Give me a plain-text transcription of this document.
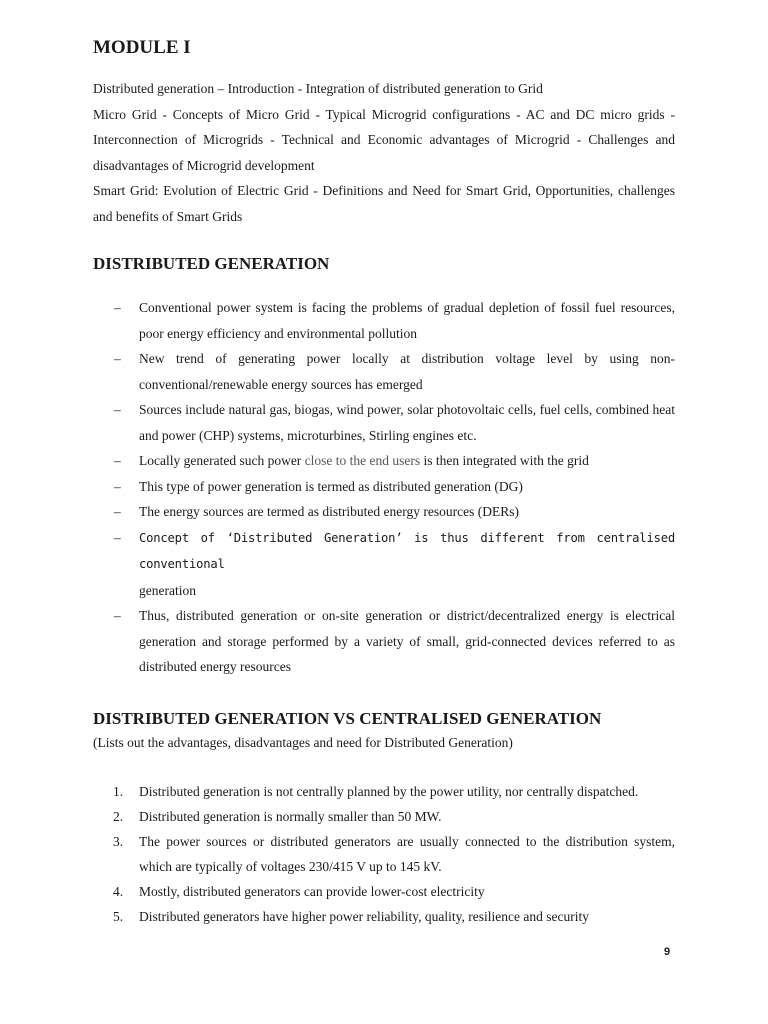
MODULE I

Distributed generation – Introduction - Integration of distributed generation to Grid

Micro Grid - Concepts of Micro Grid - Typical Microgrid configurations - AC and DC micro grids - Interconnection of Microgrids - Technical and Economic advantages of Microgrid - Challenges and disadvantages of Microgrid development

Smart Grid: Evolution of Electric Grid - Definitions and Need for Smart Grid, Opportunities, challenges and benefits of Smart Grids

DISTRIBUTED GENERATION
– Conventional power system is facing the problems of gradual depletion of fossil fuel resources, poor energy efficiency and environmental pollution
– New trend of generating power locally at distribution voltage level by using non-conventional/renewable energy sources has emerged
– Sources include natural gas, biogas, wind power, solar photovoltaic cells, fuel cells, combined heat and power (CHP) systems, microturbines, Stirling engines etc.
– Locally generated such power close to the end users is then integrated with the grid
– This type of power generation is termed as distributed generation (DG)
– The energy sources are termed as distributed energy resources (DERs)
– Concept of ‘Distributed Generation’ is thus different from centralised conventional
generation
– Thus, distributed generation or on-site generation or district/decentralized energy is electrical generation and storage performed by a variety of small, grid-connected devices referred to as distributed energy resources
DISTRIBUTED GENERATION VS CENTRALISED GENERATION

(Lists out the advantages, disadvantages and need for Distributed Generation)

1. Distributed generation is not centrally planned by the power utility, nor centrally dispatched.
2. Distributed generation is normally smaller than 50 MW.
3. The power sources or distributed generators are usually connected to the distribution system, which are typically of voltages 230/415 V up to 145 kV.
4. Mostly, distributed generators can provide lower-cost electricity
5. Distributed generators have higher power reliability, quality, resilience and security
9
